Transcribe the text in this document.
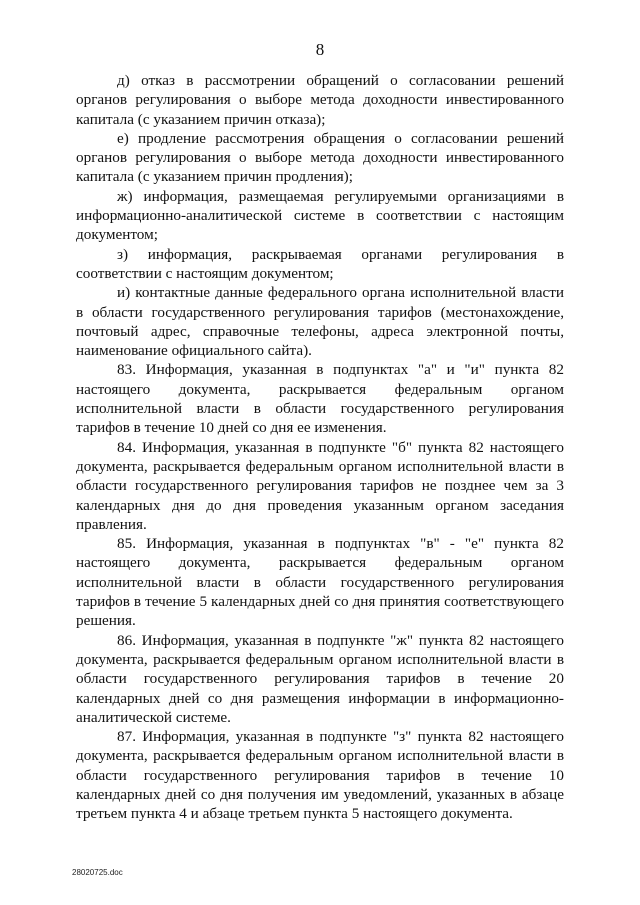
8

д) отказ в рассмотрении обращений о согласовании решений органов регулирования о выборе метода доходности инвестированного капитала (с указанием причин отказа);

е) продление рассмотрения обращения о согласовании решений органов регулирования о выборе метода доходности инвестированного капитала (с указанием причин продления);

ж) информация, размещаемая регулируемыми организациями в информационно-аналитической системе в соответствии с настоящим документом;

з) информация, раскрываемая органами регулирования в соответствии с настоящим документом;

и) контактные данные федерального органа исполнительной власти в области государственного регулирования тарифов (местонахождение, почтовый адрес, справочные телефоны, адреса электронной почты, наименование официального сайта).

83. Информация, указанная в подпунктах "а" и "и" пункта 82 настоящего документа, раскрывается федеральным органом исполнительной власти в области государственного регулирования тарифов в течение 10 дней со дня ее изменения.

84. Информация, указанная в подпункте "б" пункта 82 настоящего документа, раскрывается федеральным органом исполнительной власти в области государственного регулирования тарифов не позднее чем за 3 календарных дня до дня проведения указанным органом заседания правления.

85. Информация, указанная в подпунктах "в" - "е" пункта 82 настоящего документа, раскрывается федеральным органом исполнительной власти в области государственного регулирования тарифов в течение 5 календарных дней со дня принятия соответствующего решения.

86. Информация, указанная в подпункте "ж" пункта 82 настоящего документа, раскрывается федеральным органом исполнительной власти в области государственного регулирования тарифов в течение 20 календарных дней со дня размещения информации в информационно-аналитической системе.

87. Информация, указанная в подпункте "з" пункта 82 настоящего документа, раскрывается федеральным органом исполнительной власти в области государственного регулирования тарифов в течение 10 календарных дней со дня получения им уведомлений, указанных в абзаце третьем пункта 4 и абзаце третьем пункта 5 настоящего документа.

28020725.doc
